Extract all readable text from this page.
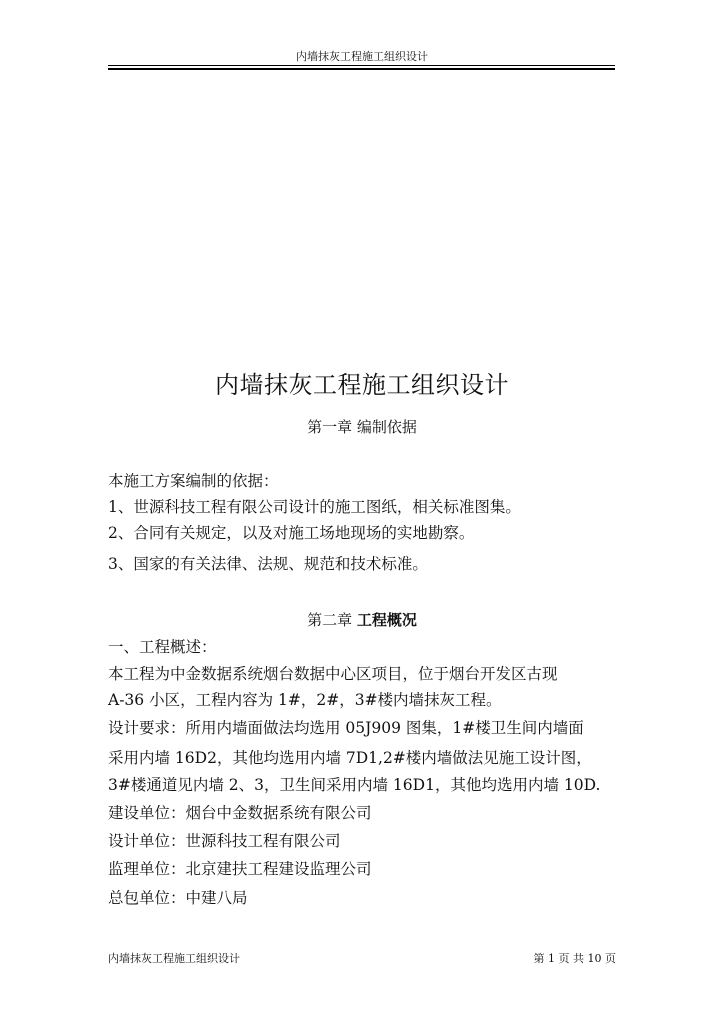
内墙抹灰工程施工组织设计
内墙抹灰工程施工组织设计
第一章 编制依据
本施工方案编制的依据：
1、世源科技工程有限公司设计的施工图纸，相关标准图集。
2、合同有关规定，以及对施工场地现场的实地勘察。
3、国家的有关法律、法规、规范和技术标准。
第二章 工程概况
一、工程概述：
本工程为中金数据系统烟台数据中心区项目，位于烟台开发区古现
A-36 小区，工程内容为 1#，2#，3#楼内墙抹灰工程。
设计要求：所用内墙面做法均选用 05J909 图集，1#楼卫生间内墙面
采用内墙 16D2，其他均选用内墙 7D1,2#楼内墙做法见施工设计图，
3#楼通道见内墙 2、3，卫生间采用内墙 16D1，其他均选用内墙 10D.
建设单位：烟台中金数据系统有限公司
设计单位：世源科技工程有限公司
监理单位：北京建扶工程建设监理公司
总包单位：中建八局
内墙抹灰工程施工组织设计	第 1 页 共 10 页
